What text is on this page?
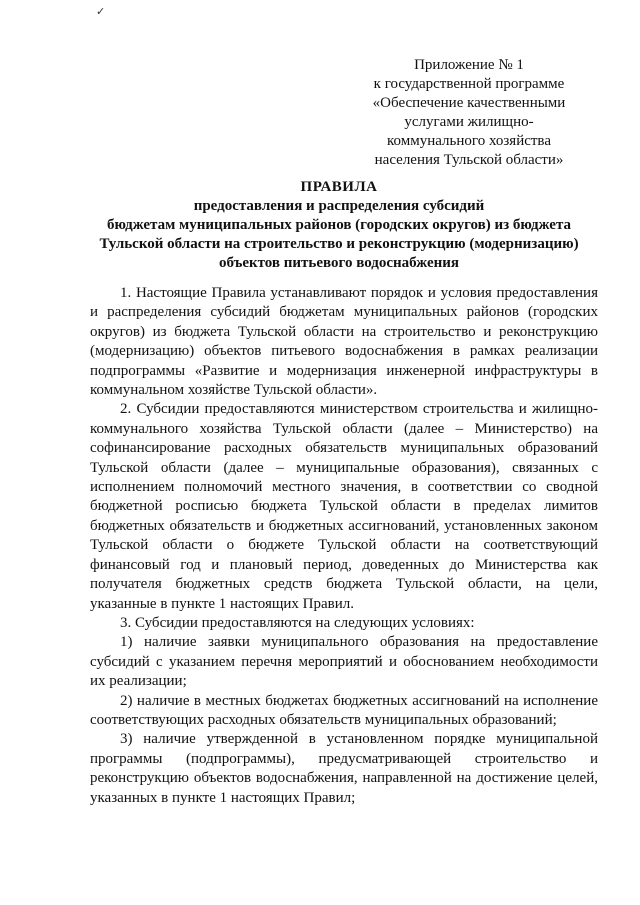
✓
Приложение № 1
к государственной программе
«Обеспечение качественными
услугами жилищно-
коммунального хозяйства
населения Тульской области»
ПРАВИЛА
предоставления и распределения субсидий
бюджетам муниципальных районов (городских округов) из бюджета
Тульской области на строительство и реконструкцию (модернизацию)
объектов питьевого водоснабжения

1. Настоящие Правила устанавливают порядок и условия предоставления и распределения субсидий бюджетам муниципальных районов (городских округов) из бюджета Тульской области на строительство и реконструкцию (модернизацию) объектов питьевого водоснабжения в рамках реализации подпрограммы «Развитие и модернизация инженерной инфраструктуры в коммунальном хозяйстве Тульской области».

2. Субсидии предоставляются министерством строительства и жилищно-коммунального хозяйства Тульской области (далее – Министерство) на софинансирование расходных обязательств муниципальных образований Тульской области (далее – муниципальные образования), связанных с исполнением полномочий местного значения, в соответствии со сводной бюджетной росписью бюджета Тульской области в пределах лимитов бюджетных обязательств и бюджетных ассигнований, установленных законом Тульской области о бюджете Тульской области на соответствующий финансовый год и плановый период, доведенных до Министерства как получателя бюджетных средств бюджета Тульской области, на цели, указанные в пункте 1 настоящих Правил.

3. Субсидии предоставляются на следующих условиях:

1) наличие заявки муниципального образования на предоставление субсидий с указанием перечня мероприятий и обоснованием необходимости их реализации;

2) наличие в местных бюджетах бюджетных ассигнований на исполнение соответствующих расходных обязательств муниципальных образований;

3) наличие утвержденной в установленном порядке муниципальной программы (подпрограммы), предусматривающей строительство и реконструкцию объектов водоснабжения, направленной на достижение целей, указанных в пункте 1 настоящих Правил;
